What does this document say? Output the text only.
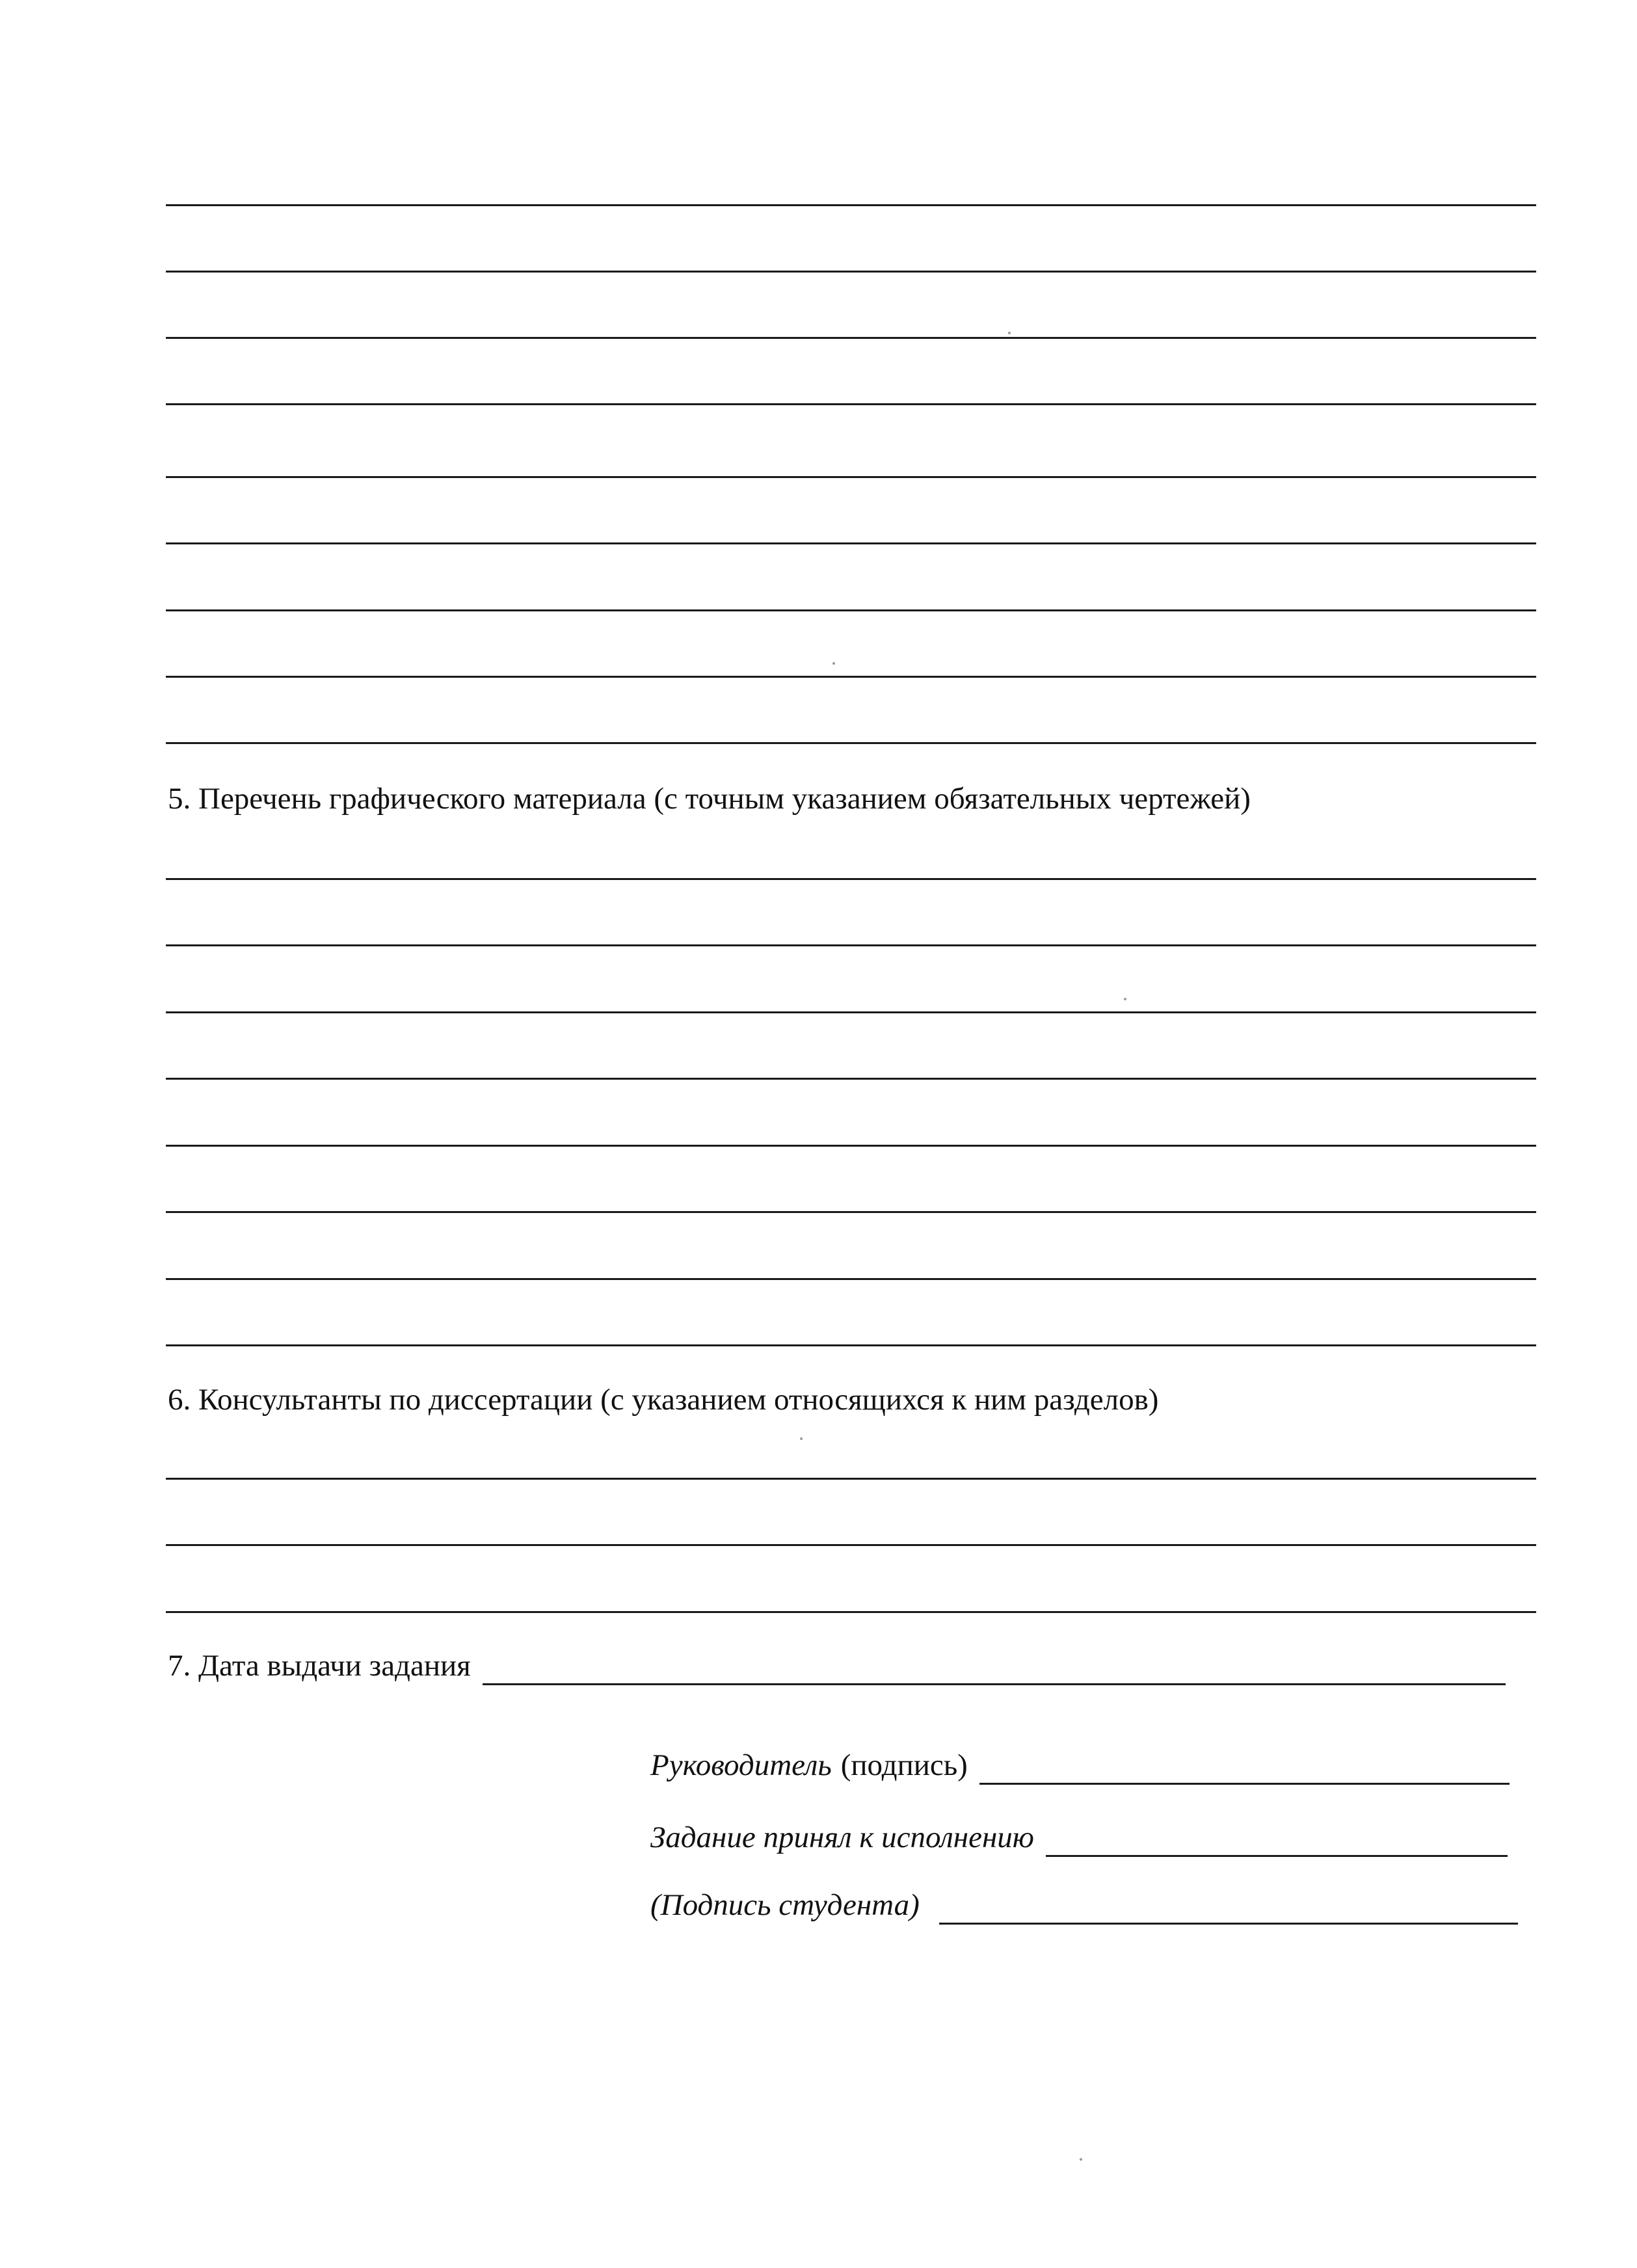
5. Перечень графического материала (с точным указанием обязательных чертежей)
6. Консультанты по диссертации (с указанием относящихся к ним разделов)
7. Дата выдачи задания
Руководитель (подпись)
Задание принял к исполнению
(Подпись студента)
